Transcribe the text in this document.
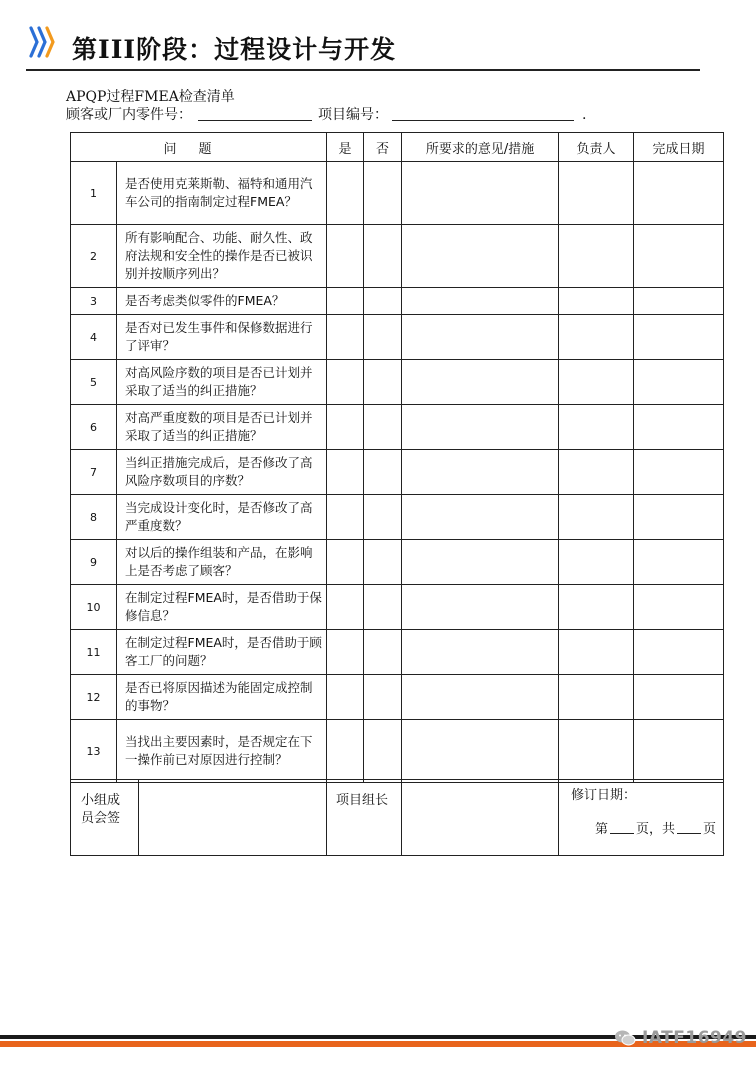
第III阶段：过程设计与开发
APQP过程FMEA检查清单
顾客或厂内零件号：	项目编号：	.
问题		是	否	所要求的意见/措施	负责人	完成日期
1	是否使用克莱斯勒、福特和通用汽车公司的指南制定过程FMEA？					
2	所有影响配合、功能、耐久性、政府法规和安全性的操作是否已被识别并按顺序列出？					
3	是否考虑类似零件的FMEA？					
4	是否对已发生事件和保修数据进行了评审？					
5	对高风险序数的项目是否已计划并采取了适当的纠正措施？					
6	对高严重度数的项目是否已计划并采取了适当的纠正措施？					
7	当纠正措施完成后，是否修改了高风险序数项目的序数？					
8	当完成设计变化时，是否修改了高严重度数？					
9	对以后的操作组装和产品，在影响上是否考虑了顾客？					
10	在制定过程FMEA时，是否借助于保修信息？					
11	在制定过程FMEA时，是否借助于顾客工厂的问题？					
12	是否已将原因描述为能固定成控制的事物？					
13	当找出主要因素时，是否规定在下一操作前已对原因进行控制？					
小组成员会签		项目组长		修订日期：
第 页，共 页
IATF16949
